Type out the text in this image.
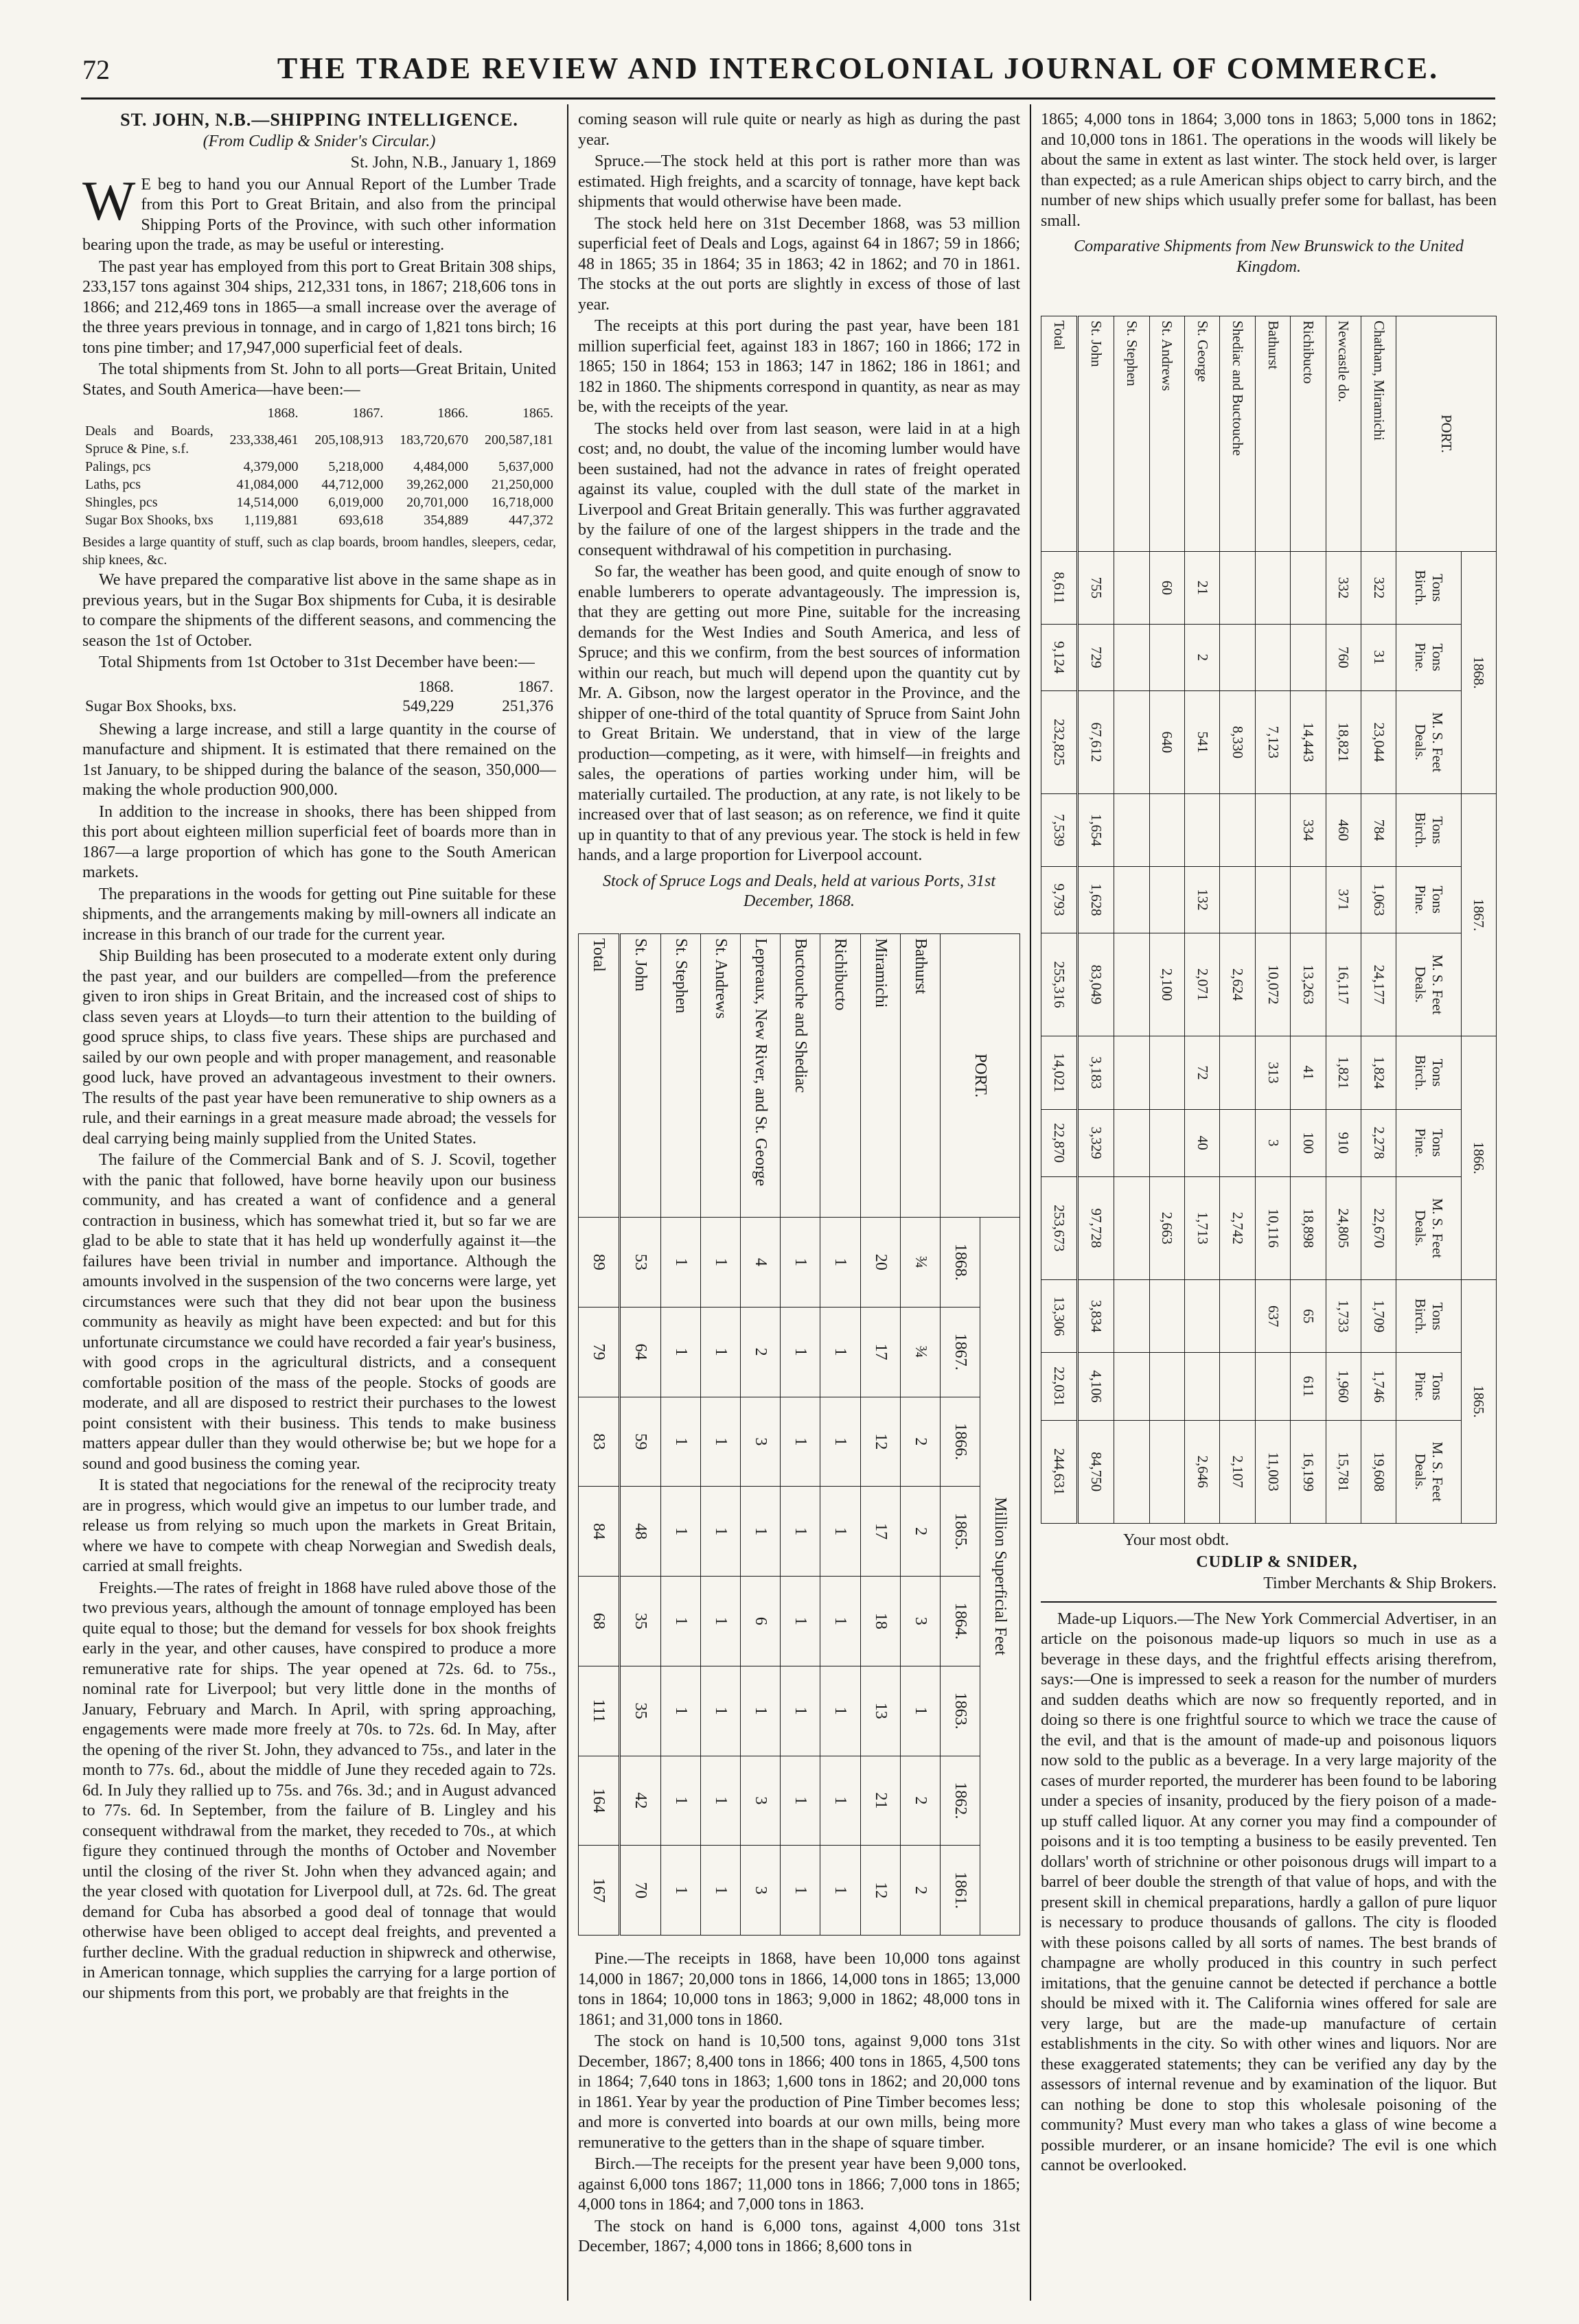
72	THE TRADE REVIEW AND INTERCOLONIAL JOURNAL OF COMMERCE.

ST. JOHN, N.B.—SHIPPING INTELLIGENCE.

(From Cudlip & Snider's Circular.)

St. John, N.B., January 1, 1869

W E beg to hand you our Annual Report of the Lumber Trade from this Port to Great Britain, and also from the principal Shipping Ports of the Province, with such other information bearing upon the trade, as may be useful or interesting.

The past year has employed from this port to Great Britain 308 ships, 233,157 tons against 304 ships, 212,331 tons, in 1867; 218,606 tons in 1866; and 212,469 tons in 1865—a small increase over the average of the three years previous in tonnage, and in cargo of 1,821 tons birch; 16 tons pine timber; and 17,947,000 superficial feet of deals.

The total shipments from St. John to all ports—Great Britain, United States, and South America—have been:—

	1868.	1867.	1866.	1865.
Deals and Boards, Spruce & Pine, s.f.	233,338,461	205,108,913	183,720,670	200,587,181
Palings, pcs	4,379,000	5,218,000	4,484,000	5,637,000
Laths, pcs	41,084,000	44,712,000	39,262,000	21,250,000
Shingles, pcs	14,514,000	6,019,000	20,701,000	16,718,000
Sugar Box Shooks, bxs	1,119,881	693,618	354,889	447,372

Besides a large quantity of stuff, such as clap boards, broom handles, sleepers, cedar, ship knees, &c.

We have prepared the comparative list above in the same shape as in previous years, but in the Sugar Box shipments for Cuba, it is desirable to compare the shipments of the different seasons, and commencing the season the 1st of October.

Total Shipments from 1st October to 31st December have been:—

	1868.	1867.
Sugar Box Shooks, bxs.	549,229	251,376

Shewing a large increase, and still a large quantity in the course of manufacture and shipment. It is estimated that there remained on the 1st January, to be shipped during the balance of the season, 350,000—making the whole production 900,000.

In addition to the increase in shooks, there has been shipped from this port about eighteen million superficial feet of boards more than in 1867—a large proportion of which has gone to the South American markets.

The preparations in the woods for getting out Pine suitable for these shipments, and the arrangements making by mill-owners all indicate an increase in this branch of our trade for the current year.

Ship Building has been prosecuted to a moderate extent only during the past year, and our builders are compelled—from the preference given to iron ships in Great Britain, and the increased cost of ships to class seven years at Lloyds—to turn their attention to the building of good spruce ships, to class five years. These ships are purchased and sailed by our own people and with proper management, and reasonable good luck, have proved an advantageous investment to their owners. The results of the past year have been remunerative to ship owners as a rule, and their earnings in a great measure made abroad; the vessels for deal carrying being mainly supplied from the United States.

The failure of the Commercial Bank and of S. J. Scovil, together with the panic that followed, have borne heavily upon our business community, and has created a want of confidence and a general contraction in business, which has somewhat tried it, but so far we are glad to be able to state that it has held up wonderfully against it—the failures have been trivial in number and importance. Although the amounts involved in the suspension of the two concerns were large, yet circumstances were such that they did not bear upon the business community as heavily as might have been expected: and but for this unfortunate circumstance we could have recorded a fair year's business, with good crops in the agricultural districts, and a consequent comfortable position of the mass of the people. Stocks of goods are moderate, and all are disposed to restrict their purchases to the lowest point consistent with their business. This tends to make business matters appear duller than they would otherwise be; but we hope for a sound and good business the coming year.

It is stated that negociations for the renewal of the reciprocity treaty are in progress, which would give an impetus to our lumber trade, and release us from relying so much upon the markets in Great Britain, where we have to compete with cheap Norwegian and Swedish deals, carried at small freights.

Freights.—The rates of freight in 1868 have ruled above those of the two previous years, although the amount of tonnage employed has been quite equal to those; but the demand for vessels for box shook freights early in the year, and other causes, have conspired to produce a more remunerative rate for ships. The year opened at 72s. 6d. to 75s., nominal rate for Liverpool; but very little done in the months of January, February and March. In April, with spring approaching, engagements were made more freely at 70s. to 72s. 6d. In May, after the opening of the river St. John, they advanced to 75s., and later in the month to 77s. 6d., about the middle of June they receded again to 72s. 6d. In July they rallied up to 75s. and 76s. 3d.; and in August advanced to 77s. 6d. In September, from the failure of B. Lingley and his consequent withdrawal from the market, they receded to 70s., at which figure they continued through the months of October and November until the closing of the river St. John when they advanced again; and the year closed with quotation for Liverpool dull, at 72s. 6d. The great demand for Cuba has absorbed a good deal of tonnage that would otherwise have been obliged to accept deal freights, and prevented a further decline. With the gradual reduction in shipwreck and otherwise, in American tonnage, which supplies the carrying for a large portion of our shipments from this port, we probably are that freights in the

coming season will rule quite or nearly as high as during the past year.

Spruce.—The stock held at this port is rather more than was estimated. High freights, and a scarcity of tonnage, have kept back shipments that would otherwise have been made.

The stock held here on 31st December 1868, was 53 million superficial feet of Deals and Logs, against 64 in 1867; 59 in 1866; 48 in 1865; 35 in 1864; 35 in 1863; 42 in 1862; and 70 in 1861. The stocks at the out ports are slightly in excess of those of last year.

The receipts at this port during the past year, have been 181 million superficial feet, against 183 in 1867; 160 in 1866; 172 in 1865; 150 in 1864; 153 in 1863; 147 in 1862; 186 in 1861; and 182 in 1860. The shipments correspond in quantity, as near as may be, with the receipts of the year.

The stocks held over from last season, were laid in at a high cost; and, no doubt, the value of the incoming lumber would have been sustained, had not the advance in rates of freight operated against its value, coupled with the dull state of the market in Liverpool and Great Britain generally. This was further aggravated by the failure of one of the largest shippers in the trade and the consequent withdrawal of his competition in purchasing.

So far, the weather has been good, and quite enough of snow to enable lumberers to operate advantageously. The impression is, that they are getting out more Pine, suitable for the increasing demands for the West Indies and South America, and less of Spruce; and this we confirm, from the best sources of information within our reach, but much will depend upon the quantity cut by Mr. A. Gibson, now the largest operator in the Province, and the shipper of one-third of the total quantity of Spruce from Saint John to Great Britain. We understand, that in view of the large production—competing, as it were, with himself—in freights and sales, the operations of parties working under him, will be materially curtailed. The production, at any rate, is not likely to be increased over that of last season; as on reference, we find it quite up in quantity to that of any previous year. The stock is held in few hands, and a large proportion for Liverpool account.

Stock of Spruce Logs and Deals, held at various Ports, 31st December, 1868.

PORT.	Million Superficial Feet							
	1868.	1867.	1866.	1865.	1864.	1863.	1862.	1861.
Bathurst	¾	¾	2	2	3	1	2	2
Miramichi	20	17	12	17	18	13	21	12
Richibucto	1	1	1	1	1	1	1	1
Buctouche and Shediac	1	1	1	1	1	1	1	1
Lepreaux, New River, and St. George	4	2	3	1	6	1	3	3
St. Andrews	1	1	1	1	1	1	1	1
St. Stephen	1	1	1	1	1	1	1	1
St. John	53	64	59	48	35	35	42	70
Total	89	79	83	84	68	111	164	167

Pine.—The receipts in 1868, have been 10,000 tons against 14,000 in 1867; 20,000 tons in 1866, 14,000 tons in 1865; 13,000 tons in 1864; 10,000 tons in 1863; 9,000 in 1862; 48,000 tons in 1861; and 31,000 tons in 1860.

The stock on hand is 10,500 tons, against 9,000 tons 31st December, 1867; 8,400 tons in 1866; 400 tons in 1865, 4,500 tons in 1864; 7,640 tons in 1863; 1,600 tons in 1862; and 20,000 tons in 1861. Year by year the production of Pine Timber becomes less; and more is converted into boards at our own mills, being more remunerative to the getters than in the shape of square timber.

Birch.—The receipts for the present year have been 9,000 tons, against 6,000 tons 1867; 11,000 tons in 1866; 7,000 tons in 1865; 4,000 tons in 1864; and 7,000 tons in 1863.

The stock on hand is 6,000 tons, against 4,000 tons 31st December, 1867; 4,000 tons in 1866; 8,600 tons in

1865; 4,000 tons in 1864; 3,000 tons in 1863; 5,000 tons in 1862; and 10,000 tons in 1861. The operations in the woods will likely be about the same in extent as last winter. The stock held over, is larger than expected; as a rule American ships object to carry birch, and the number of new ships which usually prefer some for ballast, has been small.

Comparative Shipments from New Brunswick to the United Kingdom.

PORT.	1868.			1867.			1866.			1865.		
	Tons Birch.	Tons Pine.	M. S. Feet Deals.	Tons Birch.	Tons Pine.	M. S. Feet Deals.	Tons Birch.	Tons Pine.	M. S. Feet Deals.	Tons Birch.	Tons Pine.	M. S. Feet Deals.
Chatham, Miramichi	322	31	23,044	784	1,063	24,177	1,824	2,278	22,670	1,709	1,746	19,608
Newcastle do.	332	760	18,821	460	371	16,117	1,821	910	24,805	1,733	1,960	15,781
Richibucto			14,443	334		13,263	41	100	18,898	65	611	16,199
Bathurst			7,123			10,072	313	3	10,116	637		11,003
Shediac and Buctouche			8,330			2,624			2,742			2,107
St. George	21	2	541		132	2,071	72	40	1,713			2,646
St. Andrews	60		640			2,100			2,663			
St. Stephen												
St. John	755	729	67,612	1,654	1,628	83,049	3,183	3,329	97,728	3,834	4,106	84,750
Total	8,611	9,124	232,825	7,539	9,793	255,316	14,021	22,870	253,673	13,306	22,031	244,631

Your most obdt.

CUDLIP & SNIDER,

Timber Merchants & Ship Brokers.

Made-up Liquors.—The New York Commercial Advertiser, in an article on the poisonous made-up liquors so much in use as a beverage in these days, and the frightful effects arising therefrom, says:—One is impressed to seek a reason for the number of murders and sudden deaths which are now so frequently reported, and in doing so there is one frightful source to which we trace the cause of the evil, and that is the amount of made-up and poisonous liquors now sold to the public as a beverage. In a very large majority of the cases of murder reported, the murderer has been found to be laboring under a species of insanity, produced by the fiery poison of a made-up stuff called liquor. At any corner you may find a compounder of poisons and it is too tempting a business to be easily prevented. Ten dollars' worth of strichnine or other poisonous drugs will impart to a barrel of beer double the strength of that value of hops, and with the present skill in chemical preparations, hardly a gallon of pure liquor is necessary to produce thousands of gallons. The city is flooded with these poisons called by all sorts of names. The best brands of champagne are wholly produced in this country in such perfect imitations, that the genuine cannot be detected if perchance a bottle should be mixed with it. The California wines offered for sale are very large, but are the made-up manufacture of certain establishments in the city. So with other wines and liquors. Nor are these exaggerated statements; they can be verified any day by the assessors of internal revenue and by examination of the liquor. But can nothing be done to stop this wholesale poisoning of the community? Must every man who takes a glass of wine become a possible murderer, or an insane homicide? The evil is one which cannot be overlooked.
